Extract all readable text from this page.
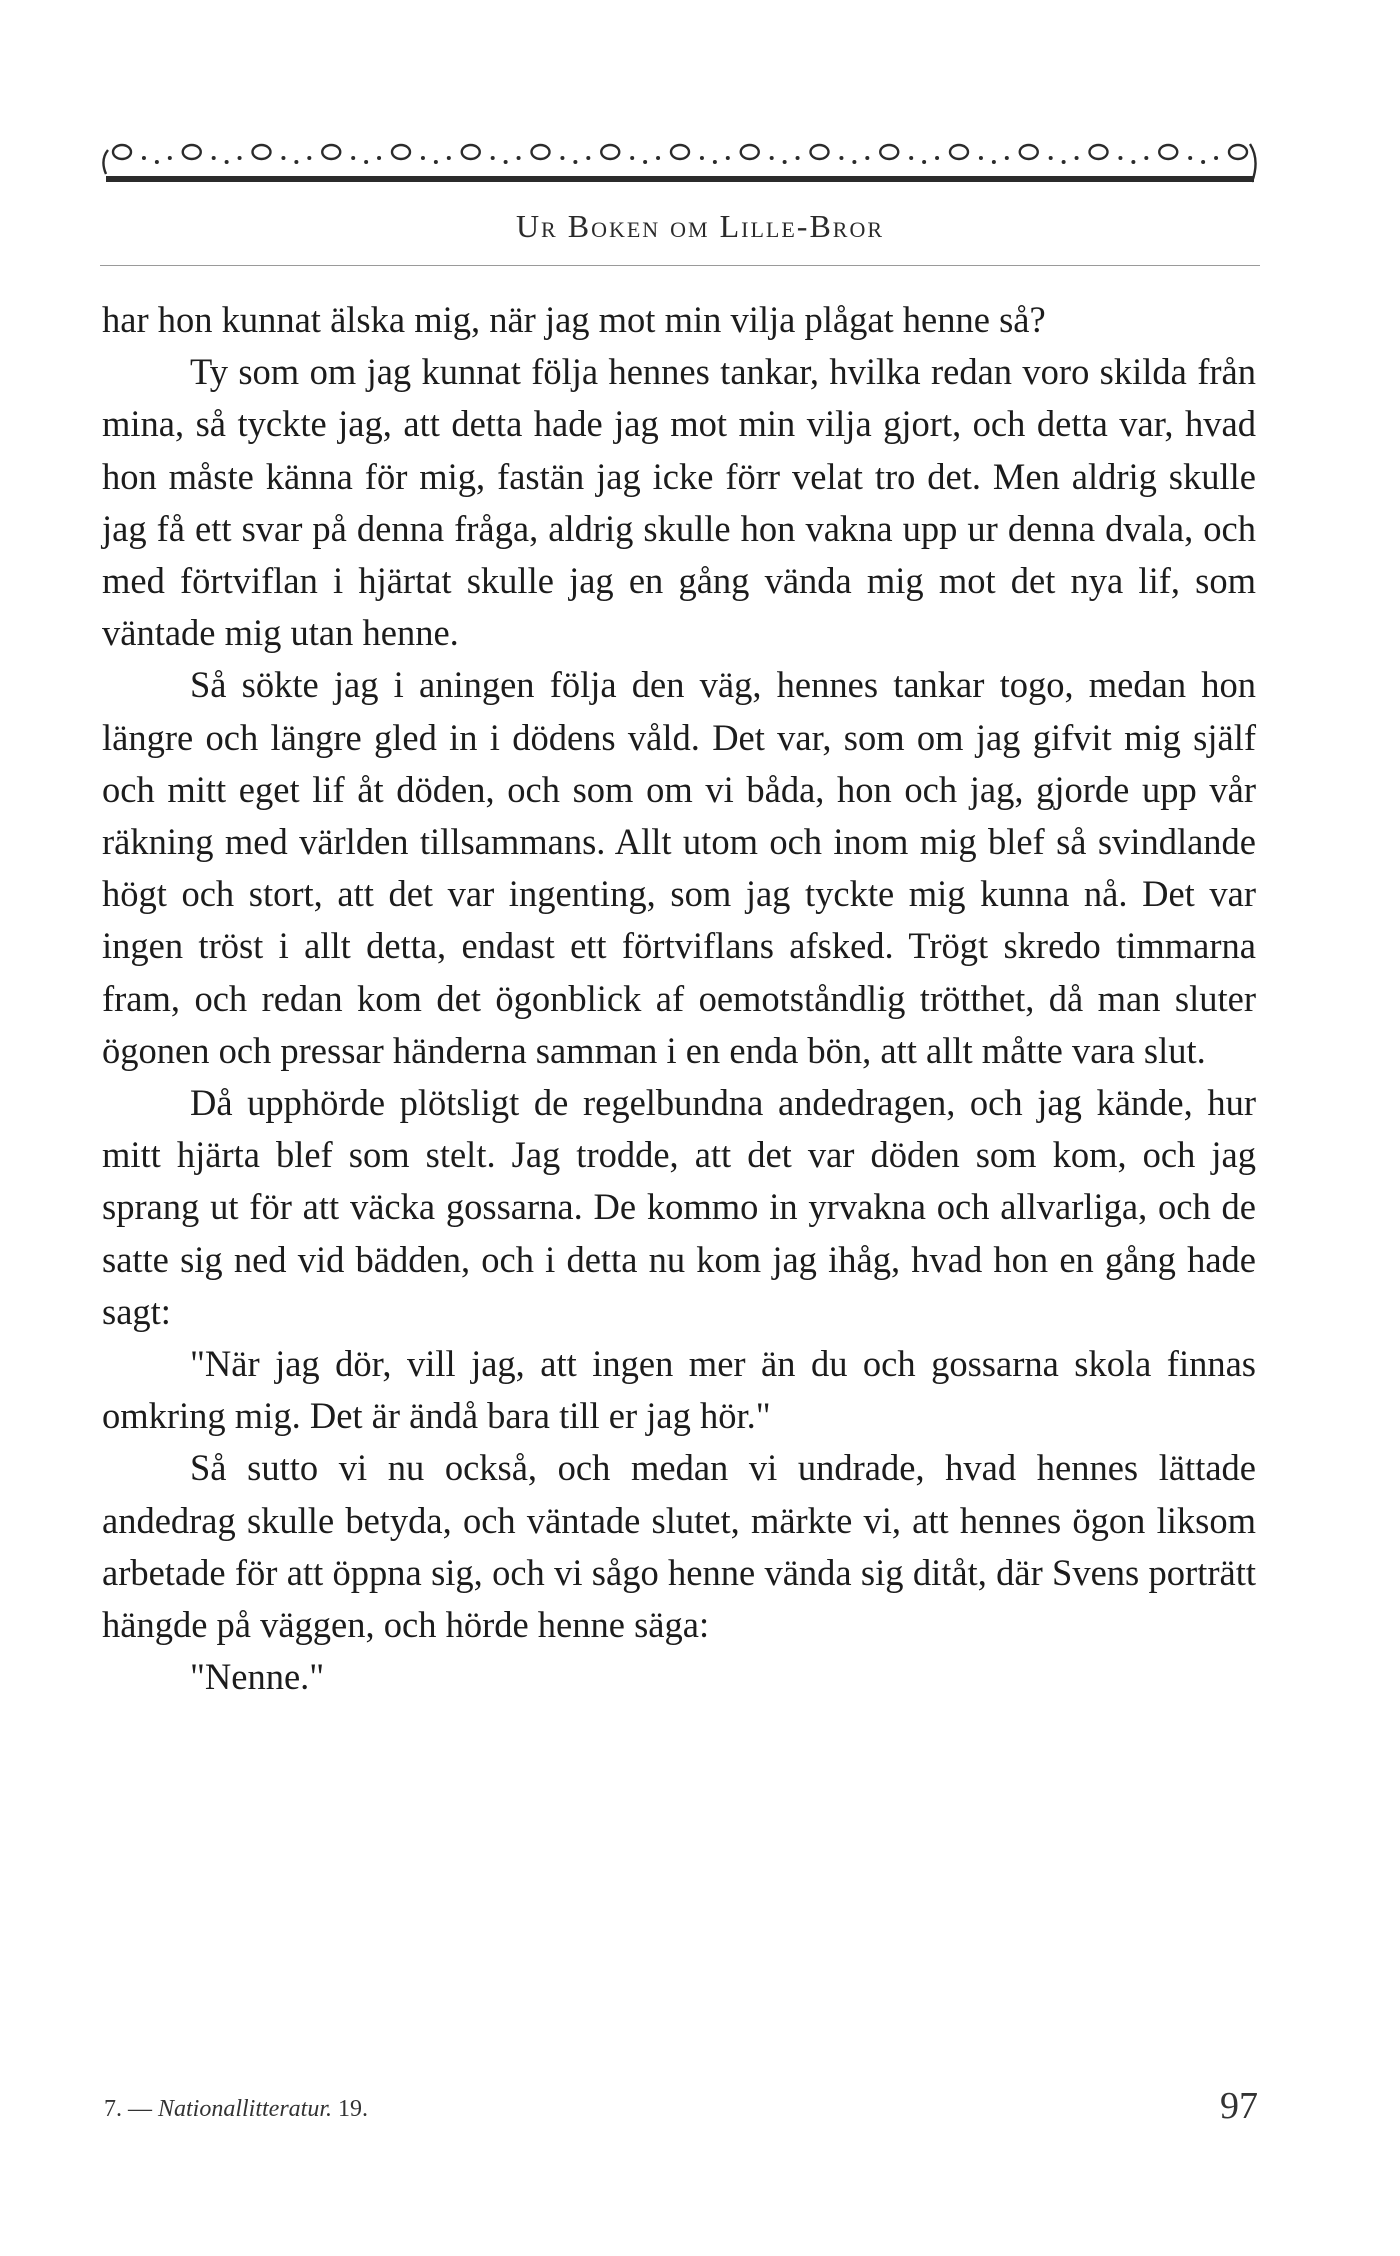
Ur Boken om Lille-Bror

har hon kunnat älska mig, när jag mot min vilja plågat henne så?

Ty som om jag kunnat följa hennes tankar, hvilka redan voro skilda från mina, så tyckte jag, att detta hade jag mot min vilja gjort, och detta var, hvad hon måste känna för mig, fastän jag icke förr velat tro det. Men aldrig skulle jag få ett svar på denna fråga, aldrig skulle hon vakna upp ur denna dvala, och med förtviflan i hjärtat skulle jag en gång vända mig mot det nya lif, som väntade mig utan henne.

Så sökte jag i aningen följa den väg, hennes tankar togo, medan hon längre och längre gled in i dödens våld. Det var, som om jag gifvit mig själf och mitt eget lif åt döden, och som om vi båda, hon och jag, gjorde upp vår räkning med världen tillsammans. Allt utom och inom mig blef så svindlande högt och stort, att det var ingenting, som jag tyckte mig kunna nå. Det var ingen tröst i allt detta, endast ett förtviflans afsked. Trögt skredo timmarna fram, och redan kom det ögonblick af oemotståndlig trötthet, då man sluter ögonen och pressar händerna samman i en enda bön, att allt måtte vara slut.

Då upphörde plötsligt de regelbundna andedragen, och jag kände, hur mitt hjärta blef som stelt. Jag trodde, att det var döden som kom, och jag sprang ut för att väcka gossarna. De kommo in yrvakna och allvarliga, och de satte sig ned vid bädden, och i detta nu kom jag ihåg, hvad hon en gång hade sagt:

"När jag dör, vill jag, att ingen mer än du och gossarna skola finnas omkring mig. Det är ändå bara till er jag hör."

Så sutto vi nu också, och medan vi undrade, hvad hennes lättade andedrag skulle betyda, och väntade slutet, märkte vi, att hennes ögon liksom arbetade för att öppna sig, och vi sågo henne vända sig ditåt, där Svens porträtt hängde på väggen, och hörde henne säga:

"Nenne."

7. — Nationallitteratur. 19.	97
